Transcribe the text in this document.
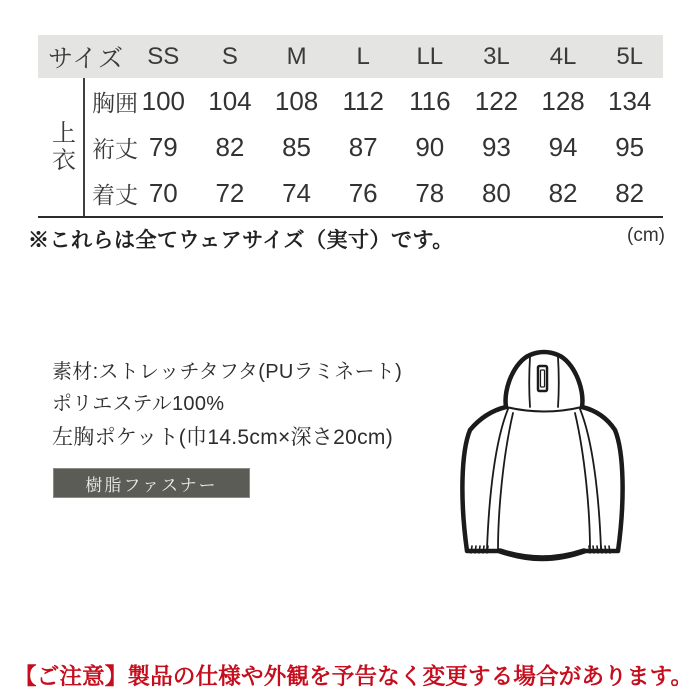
サイズ SS	S	M	L	LL	3L	4L	5L
上衣
胸囲 100 104 108 112 116 122 128 134
裄丈 79	82	85	87	90	93	94	95
着丈 70	72	74	76	78	80	82	82
※これらは全てウェアサイズ（実寸）です。	(cm)
素材:ストレッチタフタ(PUラミネート)
ポリエステル100%
左胸ポケット(巾14.5cm×深さ20cm)
樹脂ファスナー
【ご注意】製品の仕様や外観を予告なく変更する場合があります。
